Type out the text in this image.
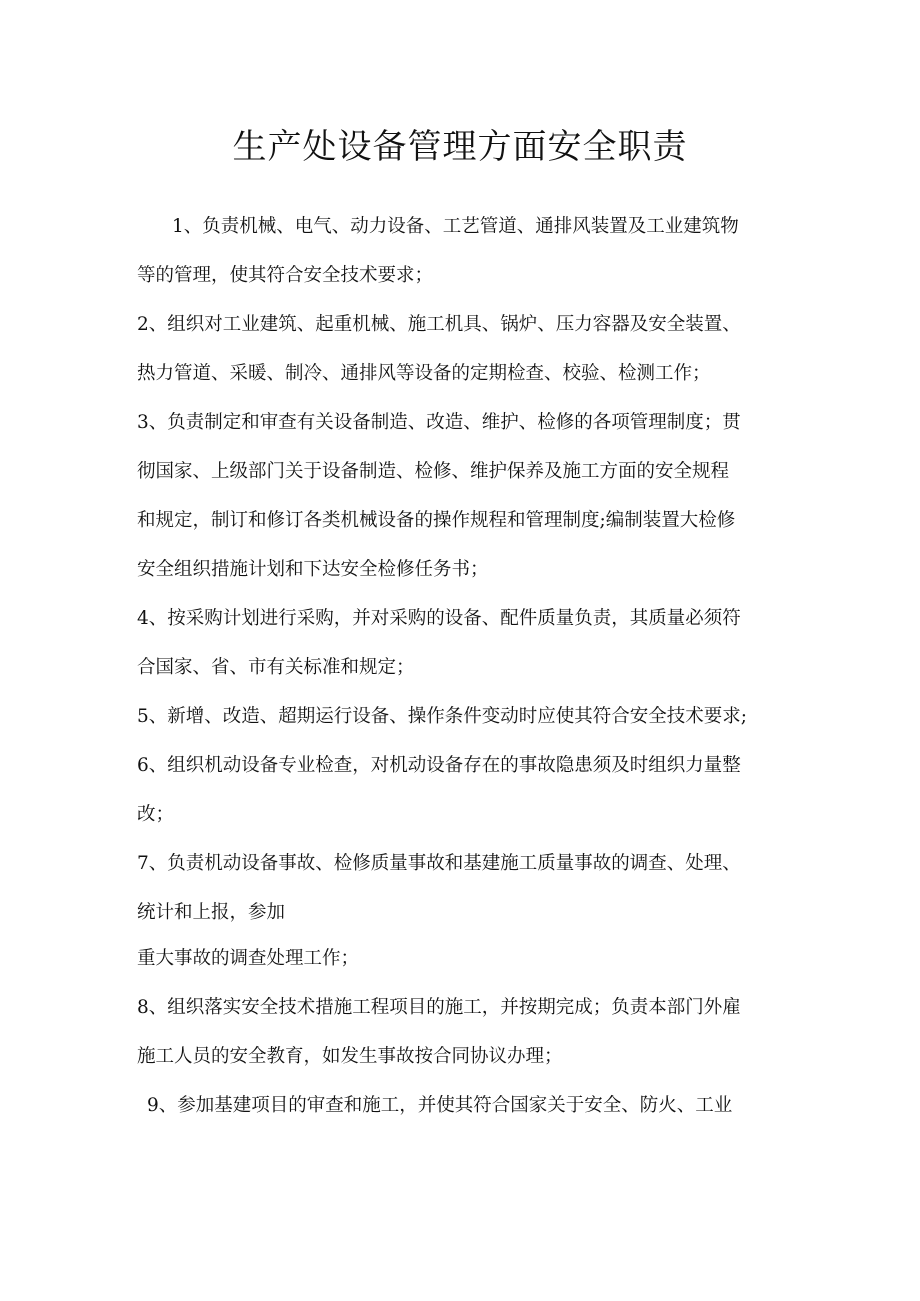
生产处设备管理方面安全职责

1、负责机械、电气、动力设备、工艺管道、通排风装置及工业建筑物

等的管理，使其符合安全技术要求；

2、组织对工业建筑、起重机械、施工机具、锅炉、压力容器及安全装置、

热力管道、采暖、制冷、通排风等设备的定期检查、校验、检测工作；

3、负责制定和审查有关设备制造、改造、维护、检修的各项管理制度；贯

彻国家、上级部门关于设备制造、检修、维护保养及施工方面的安全规程

和规定，制订和修订各类机械设备的操作规程和管理制度;编制装置大检修

安全组织措施计划和下达安全检修任务书；

4、按采购计划进行采购，并对采购的设备、配件质量负责，其质量必须符

合国家、省、市有关标准和规定；

5、新增、改造、超期运行设备、操作条件变动时应使其符合安全技术要求;

6、组织机动设备专业检查，对机动设备存在的事故隐患须及时组织力量整

改；

7、负责机动设备事故、检修质量事故和基建施工质量事故的调查、处理、

统计和上报，参加

重大事故的调查处理工作；

8、组织落实安全技术措施工程项目的施工，并按期完成；负责本部门外雇

施工人员的安全教育，如发生事故按合同协议办理；

9、参加基建项目的审查和施工，并使其符合国家关于安全、防火、工业
